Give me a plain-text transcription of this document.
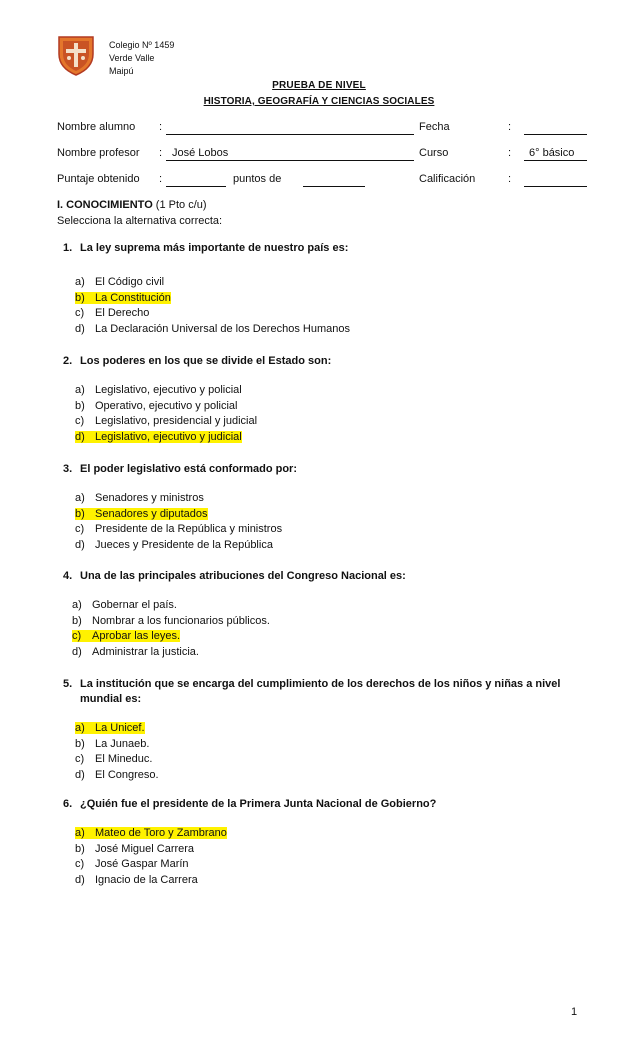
Colegio Nº 1459
Verde Valle
Maipú
PRUEBA DE NIVEL
HISTORIA, GEOGRAFÍA Y CIENCIAS SOCIALES
Nombre alumno :	Fecha	:
Nombre profesor : José Lobos	Curso	: 6° básico
Puntaje obtenido :	puntos de	Calificación	:
I. CONOCIMIENTO (1 Pto c/u)
Selecciona la alternativa correcta:
1. La ley suprema más importante de nuestro país es:
a) El Código civil
b) La Constitución
c) El Derecho
d) La Declaración Universal de los Derechos Humanos
2. Los poderes en los que se divide el Estado son:
a) Legislativo, ejecutivo y policial
b) Operativo, ejecutivo y policial
c) Legislativo, presidencial y judicial
d) Legislativo, ejecutivo y judicial
3. El poder legislativo está conformado por:
a) Senadores y ministros
b) Senadores y diputados
c) Presidente de la República y ministros
d) Jueces y Presidente de la República
4. Una de las principales atribuciones del Congreso Nacional es:
a) Gobernar el país.
b) Nombrar a los funcionarios públicos.
c) Aprobar las leyes.
d) Administrar la justicia.
5. La institución que se encarga del cumplimiento de los derechos de los niños y niñas a nivel mundial es:
a) La Unicef.
b) La Junaeb.
c) El Mineduc.
d) El Congreso.
6. ¿Quién fue el presidente de la Primera Junta Nacional de Gobierno?
a) Mateo de Toro y Zambrano
b) José Miguel Carrera
c) José Gaspar Marín
d) Ignacio de la Carrera
1
